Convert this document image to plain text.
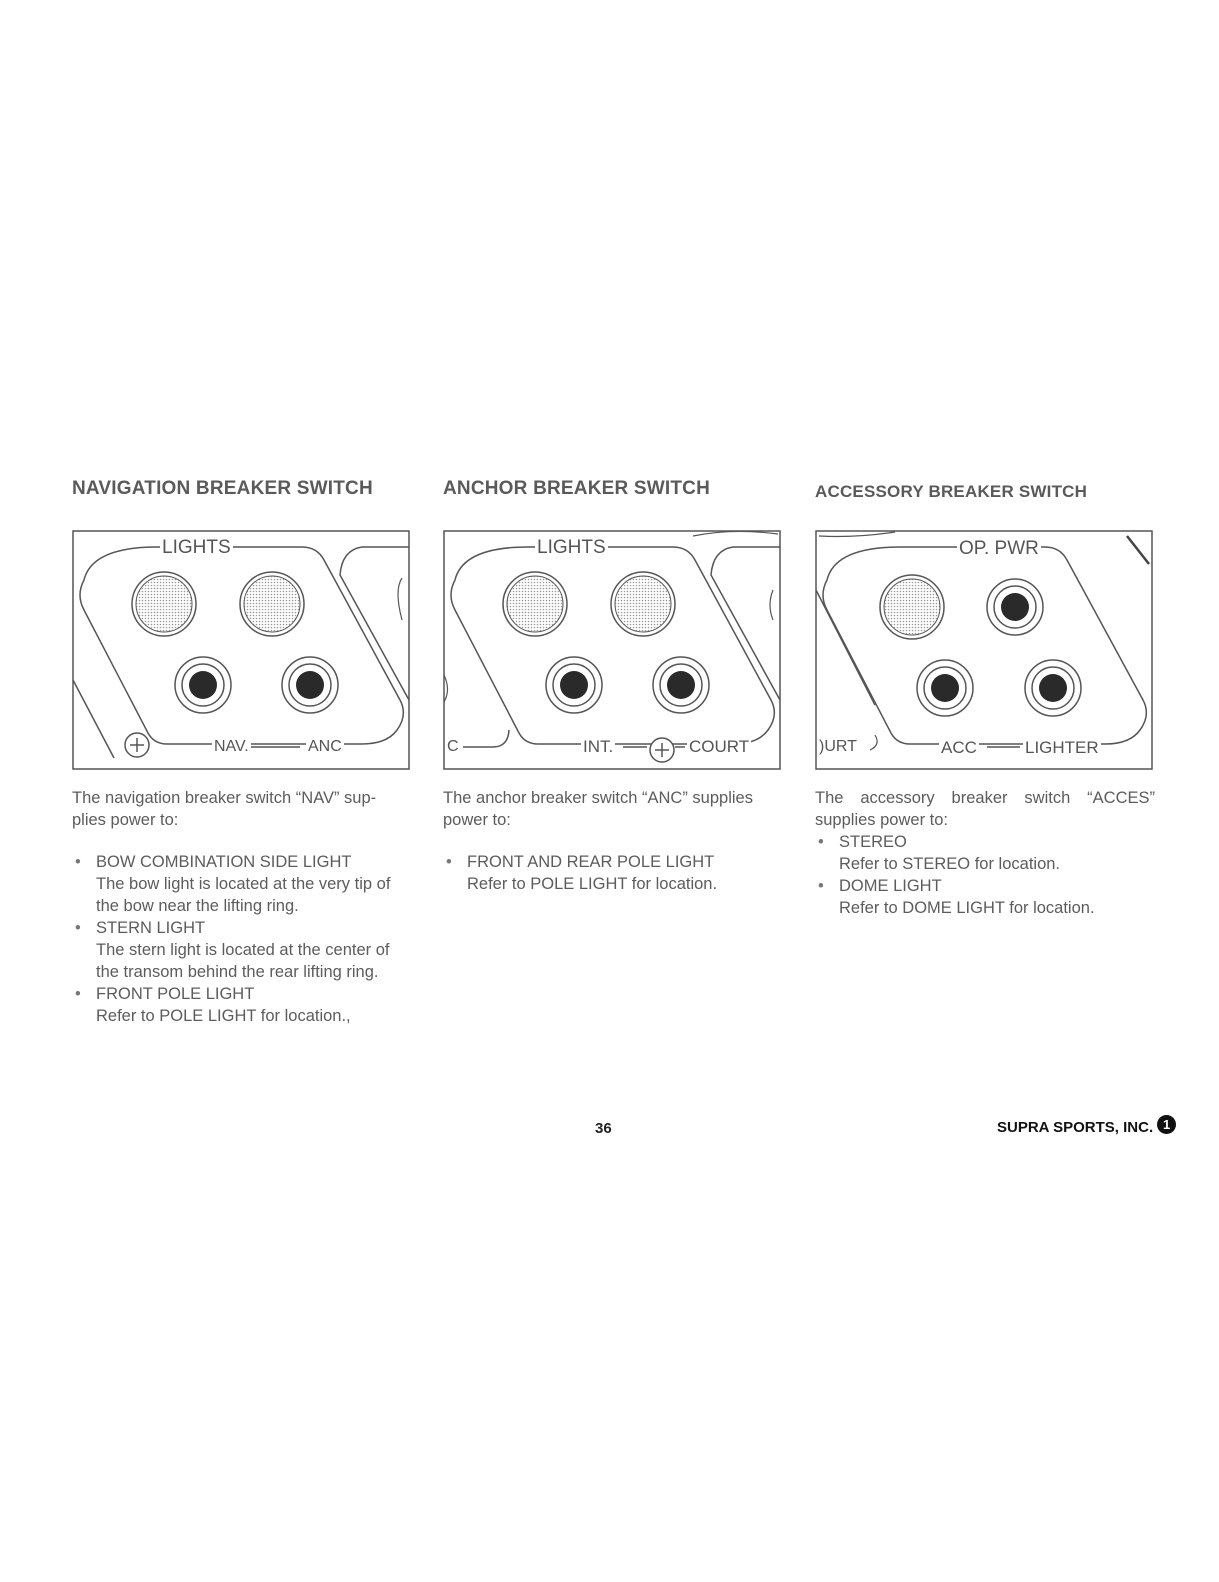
NAVIGATION BREAKER SWITCH
LIGHTS
NAV.	ANC

The navigation breaker switch “NAV” sup-

plies power to:

• BOW COMBINATION SIDE LIGHT
The bow light is located at the very tip of
the bow near the lifting ring.
• STERN LIGHT
The stern light is located at the center of
the transom behind the rear lifting ring.
• FRONT POLE LIGHT
Refer to POLE LIGHT for location.,
ANCHOR BREAKER SWITCH
LIGHTS
C	INT.	COURT

The anchor breaker switch “ANC” supplies

power to:

• FRONT AND REAR POLE LIGHT
Refer to POLE LIGHT for location.
ACCESSORY BREAKER SWITCH
OP. PWR
)URT	ACC	LIGHTER

The accessory breaker switch “ACCES”

supplies power to:

• STEREO
Refer to STEREO for location.
• DOME LIGHT
Refer to DOME LIGHT for location.
36	SUPRA SPORTS, INC. 1
